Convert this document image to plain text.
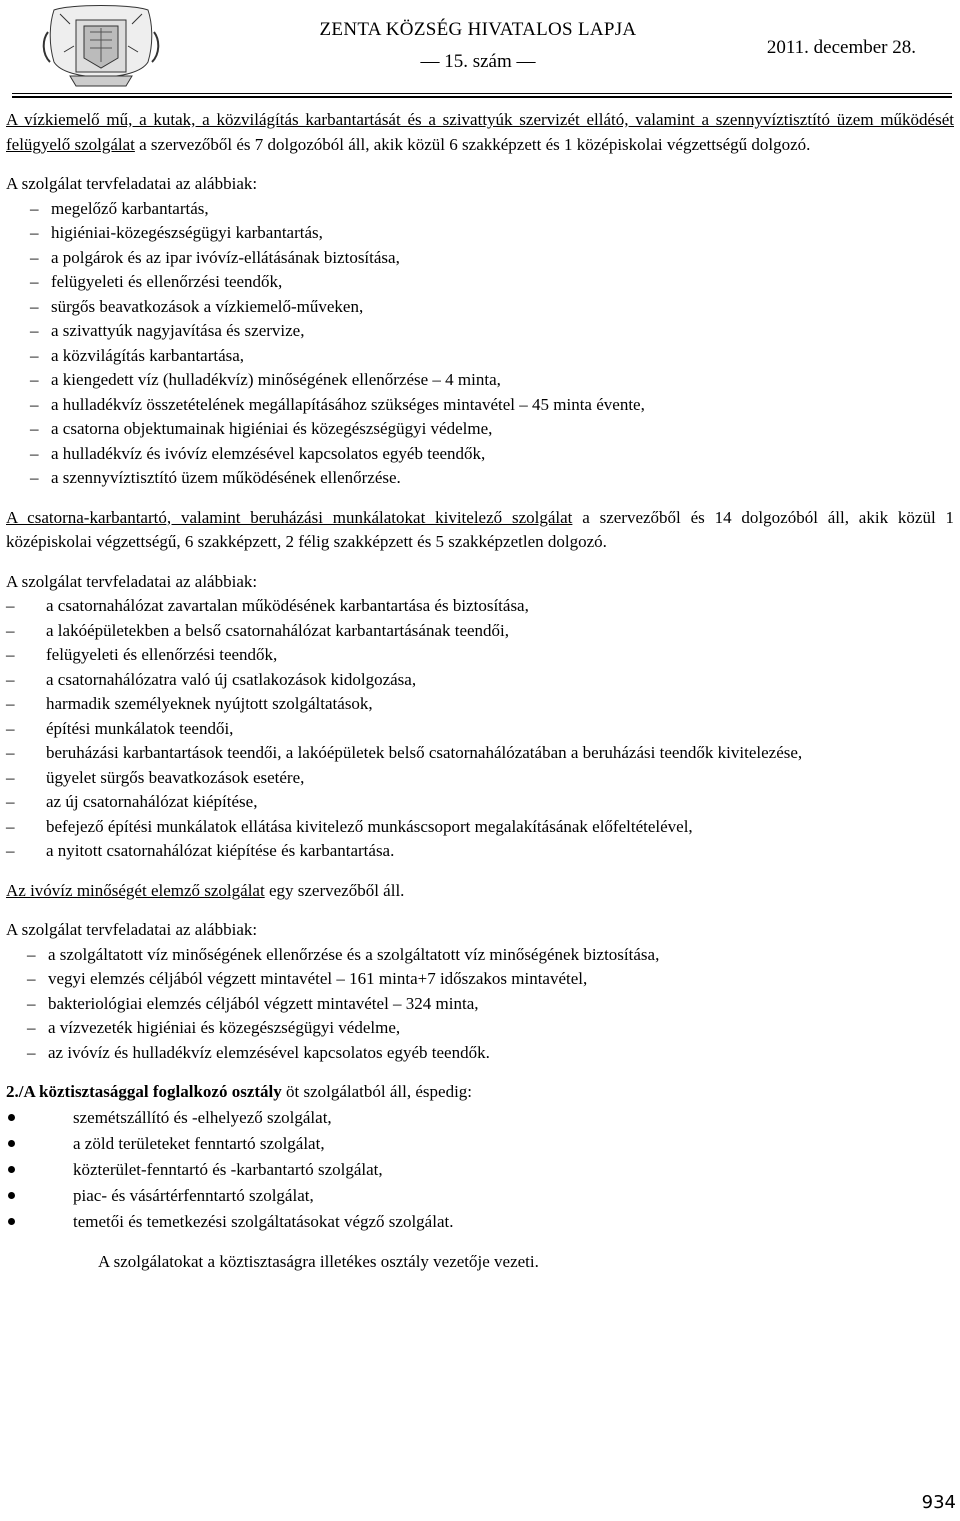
ZENTA KÖZSÉG HIVATALOS LAPJA
— 15. szám —
2011. december 28.

A vízkiemelő mű, a kutak, a közvilágítás karbantartását és a szivattyúk szervizét ellátó, valamint a szennyvíztisztító üzem működését felügyelő szolgálat a szervezőből és 7 dolgozóból áll, akik közül 6 szakképzett és 1 középiskolai végzettségű dolgozó.

A szolgálat tervfeladatai az alábbiak:

– megelőző karbantartás,
– higiéniai-közegészségügyi karbantartás,
– a polgárok és az ipar ivóvíz-ellátásának biztosítása,
– felügyeleti és ellenőrzési teendők,
– sürgős beavatkozások a vízkiemelő-műveken,
– a szivattyúk nagyjavítása és szervize,
– a közvilágítás karbantartása,
– a kiengedett víz (hulladékvíz) minőségének ellenőrzése – 4 minta,
– a hulladékvíz összetételének megállapításához szükséges mintavétel – 45 minta évente,
– a csatorna objektumainak higiéniai és közegészségügyi védelme,
– a hulladékvíz és ivóvíz elemzésével kapcsolatos egyéb teendők,
– a szennyvíztisztító üzem működésének ellenőrzése.

A csatorna-karbantartó, valamint beruházási munkálatokat kivitelező szolgálat a szervezőből és 14 dolgozóból áll, akik közül 1 középiskolai végzettségű, 6 szakképzett, 2 félig szakképzett és 5 szakképzetlen dolgozó.

A szolgálat tervfeladatai az alábbiak:

– a csatornahálózat zavartalan működésének karbantartása és biztosítása,
– a lakóépületekben a belső csatornahálózat karbantartásának teendői,
– felügyeleti és ellenőrzési teendők,
– a csatornahálózatra való új csatlakozások kidolgozása,
– harmadik személyeknek nyújtott szolgáltatások,
– építési munkálatok teendői,
– beruházási karbantartások teendői, a lakóépületek belső csatornahálózatában a beruházási teendők kivitelezése,
– ügyelet sürgős beavatkozások esetére,
– az új csatornahálózat kiépítése,
– befejező építési munkálatok ellátása kivitelező munkáscsoport megalakításának előfeltételével,
– a nyitott csatornahálózat kiépítése és karbantartása.

Az ivóvíz minőségét elemző szolgálat egy szervezőből áll.

A szolgálat tervfeladatai az alábbiak:

– a szolgáltatott víz minőségének ellenőrzése és a szolgáltatott víz minőségének biztosítása,
– vegyi elemzés céljából végzett mintavétel – 161 minta+7 időszakos mintavétel,
– bakteriológiai elemzés céljából végzett mintavétel – 324 minta,
– a vízvezeték higiéniai és közegészségügyi védelme,
– az ivóvíz és hulladékvíz elemzésével kapcsolatos egyéb teendők.

2./A köztisztasággal foglalkozó osztály öt szolgálatból áll, éspedig:

szemétszállító és -elhelyező szolgálat,
a zöld területeket fenntartó szolgálat,
közterület-fenntartó és -karbantartó szolgálat,
piac- és vásártérfenntartó szolgálat,
temetői és temetkezési szolgáltatásokat végző szolgálat.

A szolgálatokat a köztisztaságra illetékes osztály vezetője vezeti.

934
